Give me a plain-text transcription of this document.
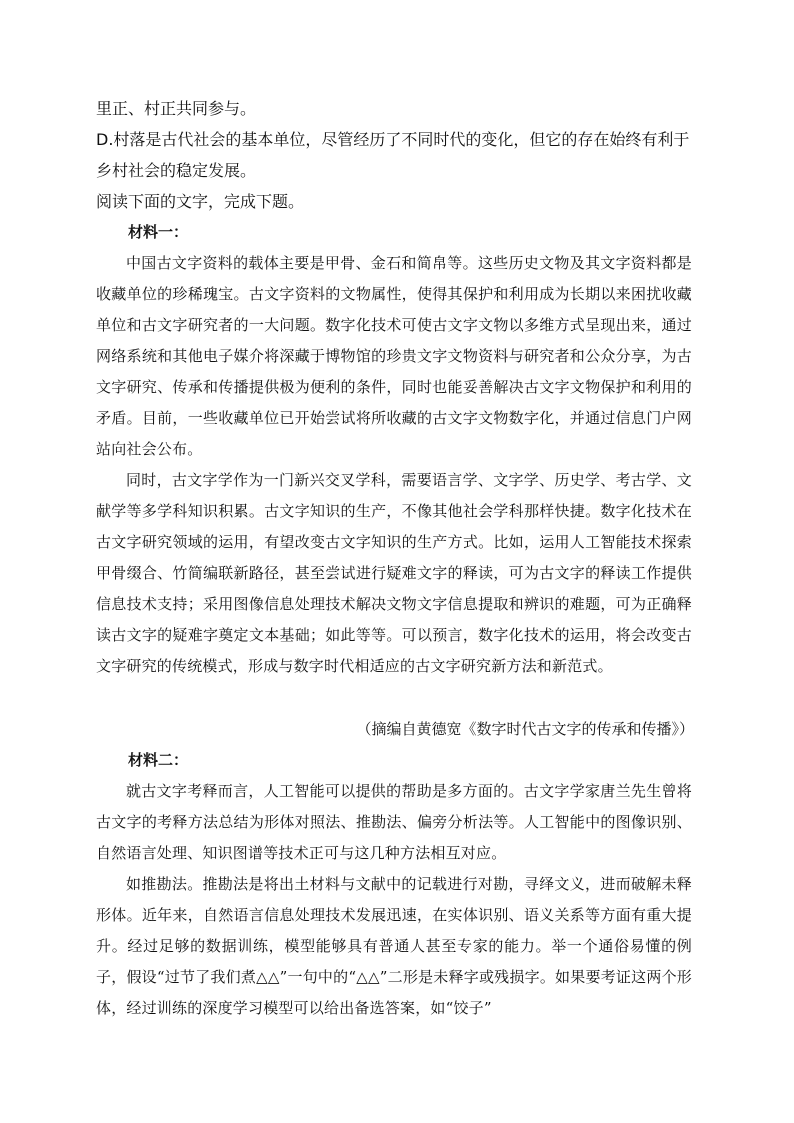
里正、村正共同参与。
D.村落是古代社会的基本单位，尽管经历了不同时代的变化，但它的存在始终有利于乡村社会的稳定发展。
阅读下面的文字，完成下题。
材料一：

中国古文字资料的载体主要是甲骨、金石和简帛等。这些历史文物及其文字资料都是收藏单位的珍稀瑰宝。古文字资料的文物属性，使得其保护和利用成为长期以来困扰收藏单位和古文字研究者的一大问题。数字化技术可使古文字文物以多维方式呈现出来，通过网络系统和其他电子媒介将深藏于博物馆的珍贵文字文物资料与研究者和公众分享，为古文字研究、传承和传播提供极为便利的条件，同时也能妥善解决古文字文物保护和利用的矛盾。目前，一些收藏单位已开始尝试将所收藏的古文字文物数字化，并通过信息门户网站向社会公布。

同时，古文字学作为一门新兴交叉学科，需要语言学、文字学、历史学、考古学、文献学等多学科知识积累。古文字知识的生产，不像其他社会学科那样快捷。数字化技术在古文字研究领域的运用，有望改变古文字知识的生产方式。比如，运用人工智能技术探索甲骨缀合、竹简编联新路径，甚至尝试进行疑难文字的释读，可为古文字的释读工作提供信息技术支持；采用图像信息处理技术解决文物文字信息提取和辨识的难题，可为正确释读古文字的疑难字奠定文本基础；如此等等。可以预言，数字化技术的运用，将会改变古文字研究的传统模式，形成与数字时代相适应的古文字研究新方法和新范式。

（摘编自黄德宽《数字时代古文字的传承和传播》）
材料二：

就古文字考释而言，人工智能可以提供的帮助是多方面的。古文字学家唐兰先生曾将古文字的考释方法总结为形体对照法、推勘法、偏旁分析法等。人工智能中的图像识别、自然语言处理、知识图谱等技术正可与这几种方法相互对应。

如推勘法。推勘法是将出土材料与文献中的记载进行对勘，寻绎文义，进而破解未释形体。近年来，自然语言信息处理技术发展迅速，在实体识别、语义关系等方面有重大提升。经过足够的数据训练，模型能够具有普通人甚至专家的能力。举一个通俗易懂的例子，假设“过节了我们煮△△”一句中的“△△”二形是未释字或残损字。如果要考证这两个形体，经过训练的深度学习模型可以给出备选答案，如“饺子”
